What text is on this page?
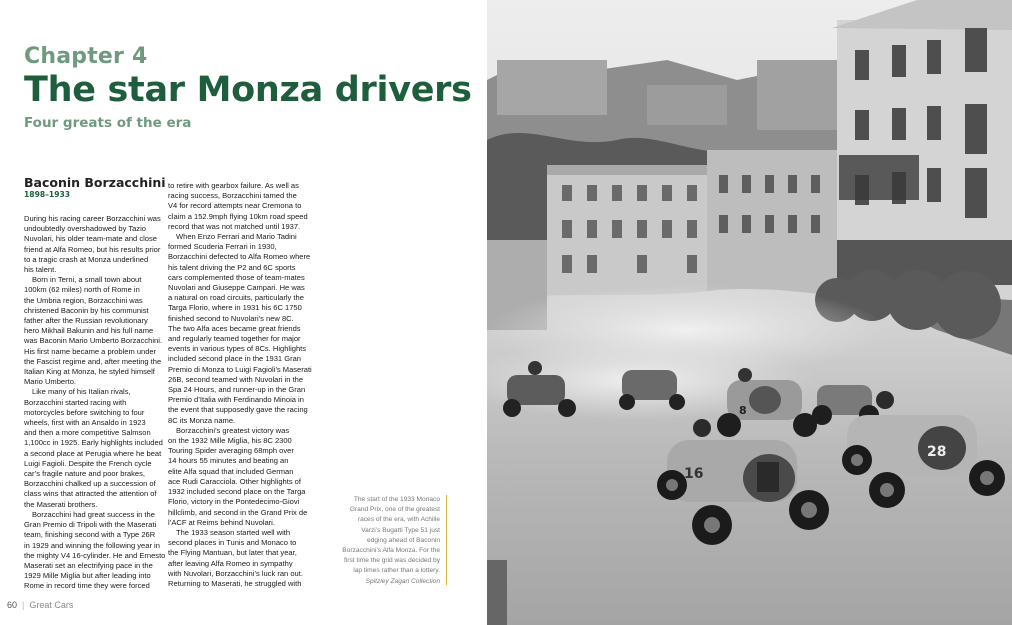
Chapter 4
The star Monza drivers
Four greats of the era
Baconin Borzacchini
1898–1933

During his racing career Borzacchini was

undoubtedly overshadowed by Tazio

Nuvolari, his older team-mate and close

friend at Alfa Romeo, but his results prior

to a tragic crash at Monza underlined

his talent.

Born in Terni, a small town about

100km (62 miles) north of Rome in

the Umbria region, Borzacchini was

christened Baconin by his communist

father after the Russian revolutionary

hero Mikhail Bakunin and his full name

was Baconin Mario Umberto Borzacchini.

His first name became a problem under

the Fascist regime and, after meeting the

Italian King at Monza, he styled himself

Mario Umberto.

Like many of his Italian rivals,

Borzacchini started racing with

motorcycles before switching to four

wheels, first with an Ansaldo in 1923

and then a more competitive Salmson

1,100cc in 1925. Early highlights included

a second place at Perugia where he beat

Luigi Fagioli. Despite the French cycle

car’s fragile nature and poor brakes,

Borzacchini chalked up a succession of

class wins that attracted the attention of

the Maserati brothers.

Borzacchini had great success in the

Gran Premio di Tripoli with the Maserati

team, finishing second with a Type 26R

in 1929 and winning the following year in

the mighty V4 16-cylinder. He and Ernesto

Maserati set an electrifying pace in the

1929 Mille Miglia but after leading into

Rome in record time they were forced

to retire with gearbox failure. As well as

racing success, Borzacchini tamed the

V4 for record attempts near Cremona to

claim a 152.9mph flying 10km road speed

record that was not matched until 1937.

When Enzo Ferrari and Mario Tadini

formed Scuderia Ferrari in 1930,

Borzacchini defected to Alfa Romeo where

his talent driving the P2 and 6C sports

cars complemented those of team-mates

Nuvolari and Giuseppe Campari. He was

a natural on road circuits, particularly the

Targa Florio, where in 1931 his 6C 1750

finished second to Nuvolari’s new 8C.

The two Alfa aces became great friends

and regularly teamed together for major

events in various types of 8Cs. Highlights

included second place in the 1931 Gran

Premio di Monza to Luigi Fagioli’s Maserati

26B, second teamed with Nuvolari in the

Spa 24 Hours, and runner-up in the Gran

Premio d’Italia with Ferdinando Minoia in

the event that supposedly gave the racing

8C its Monza name.

Borzacchini’s greatest victory was

on the 1932 Mille Miglia, his 8C 2300

Touring Spider averaging 68mph over

14 hours 55 minutes and beating an

elite Alfa squad that included German

ace Rudi Caracciola. Other highlights of

1932 included second place on the Targa

Florio, victory in the Pontedecimo-Giovi

hillclimb, and second in the Grand Prix de

l’ACF at Reims behind Nuvolari.

The 1933 season started well with

second places in Tunis and Monaco to

the Flying Mantuan, but later that year,

after leaving Alfa Romeo in sympathy

with Nuvolari, Borzacchini’s luck ran out.

Returning to Maserati, he struggled with

The start of the 1933 Monaco

Grand Prix, one of the greatest

races of the era, with Achille

Varzi’s Bugatti Type 51 just

edging ahead of Baconin

Borzacchini’s Alfa Monza. For the

first time the grid was decided by

lap times rather than a lottery.

Spitzley Zagari Collection

60 | Great Cars
8
16
28
